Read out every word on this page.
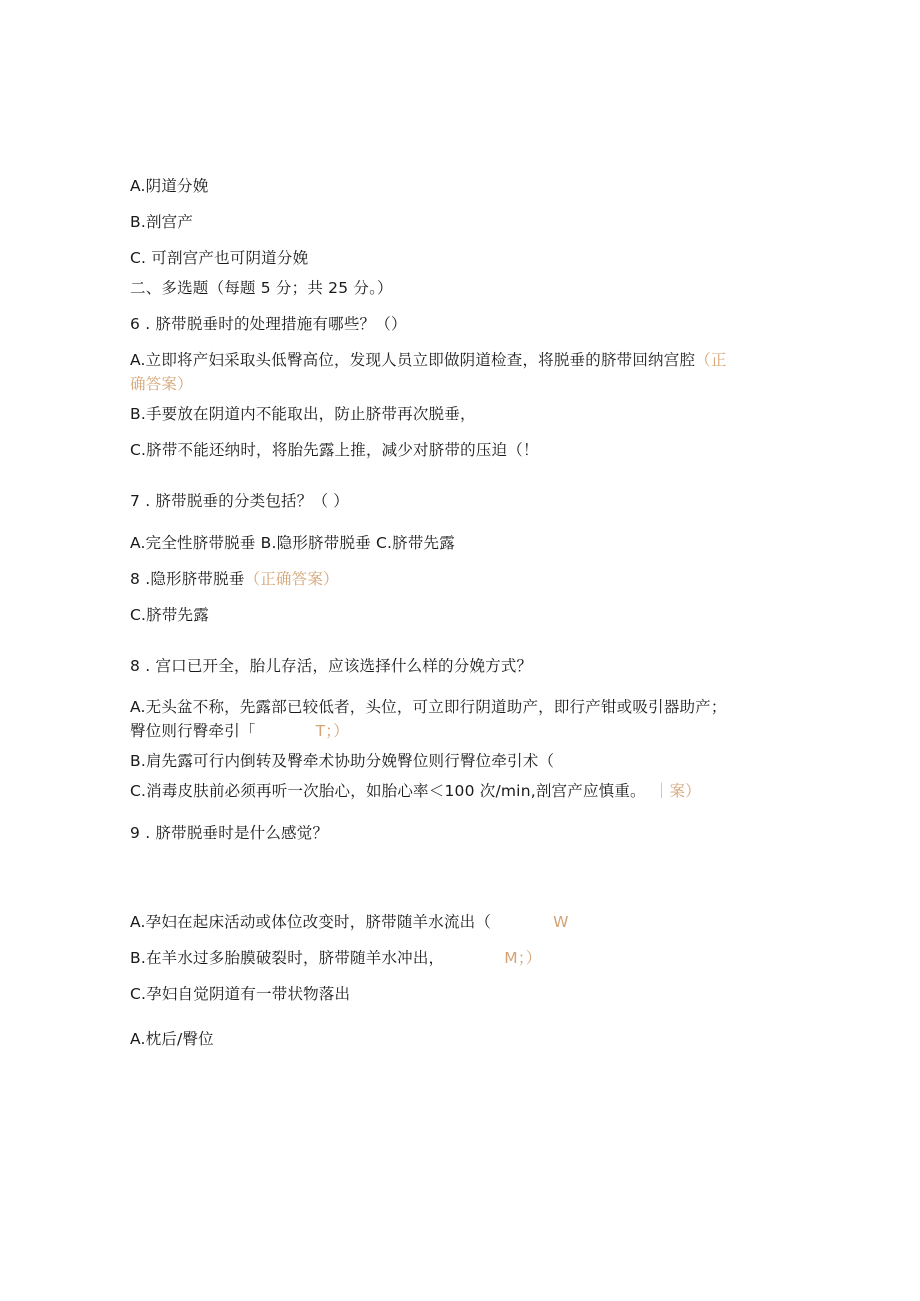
A.阴道分娩
B.剖宫产
C. 可剖宫产也可阴道分娩
二、多选题（每题 5 分；共 25 分。）
6 . 脐带脱垂时的处理措施有哪些？（）
A.立即将产妇采取头低臀高位，发现人员立即做阴道检查，将脱垂的脐带回纳宫腔（正
确答案）
B.手要放在阴道内不能取出，防止脐带再次脱垂，
C.脐带不能还纳时，将胎先露上推，减少对脐带的压迫（！
7 . 脐带脱垂的分类包括？（ ）
A.完全性脐带脱垂 B.隐形脐带脱垂 C.脐带先露
8 .隐形脐带脱垂（正确答案）
C.脐带先露
8 . 宫口已开全，胎儿存活，应该选择什么样的分娩方式？
A.无头盆不称，先露部已较低者，头位，可立即行阴道助产，即行产钳或吸引器助产；
臀位则行臀牵引「	T；）
B.肩先露可行内倒转及臀牵术协助分娩臀位则行臀位牵引术（
C.消毒皮肤前必须再听一次胎心，如胎心率＜100 次/min,剖宫产应慎重。 ｜案）
9 . 脐带脱垂时是什么感觉？
A.孕妇在起床活动或体位改变时，脐带随羊水流出（	W
B.在羊水过多胎膜破裂时，脐带随羊水冲出，	M；）
C.孕妇自觉阴道有一带状物落出
A.枕后/臀位
